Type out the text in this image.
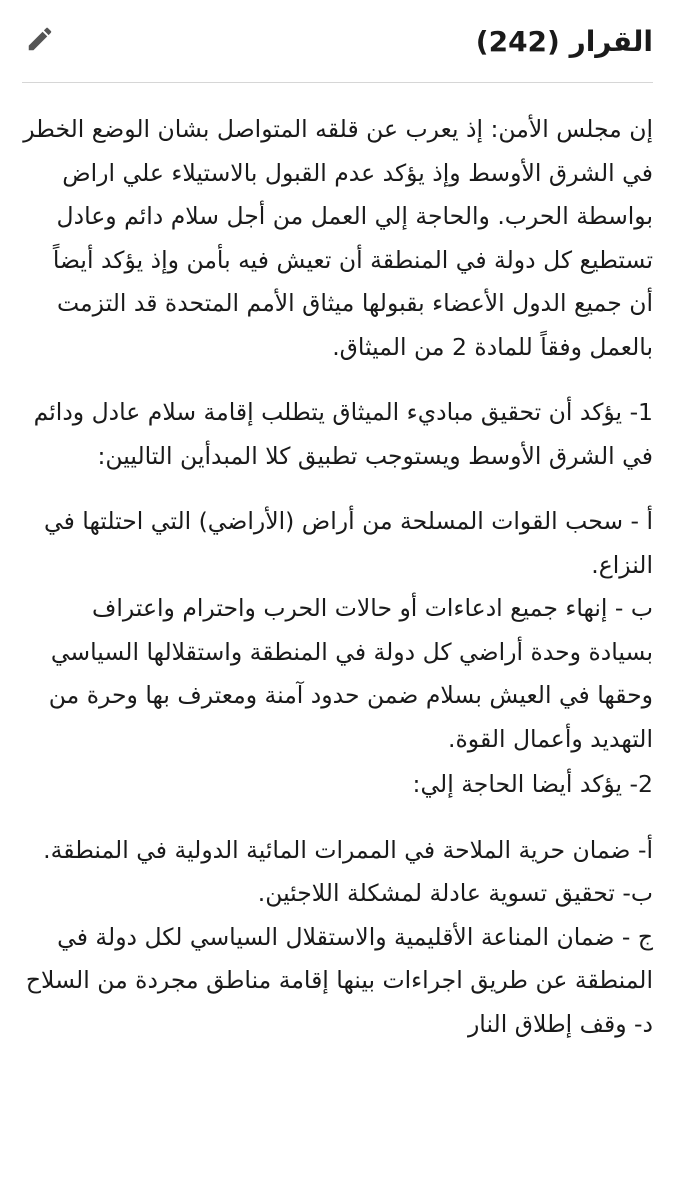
القرار (242)

إن مجلس الأمن: إذ يعرب عن قلقه المتواصل بشان الوضع الخطر في الشرق الأوسط وإذ يؤكد عدم القبول بالاستيلاء علي اراض بواسطة الحرب. والحاجة إلي العمل من أجل سلام دائم وعادل تستطيع كل دولة في المنطقة أن تعيش فيه بأمن وإذ يؤكد أيضاً أن جميع الدول الأعضاء بقبولها ميثاق الأمم المتحدة قد التزمت بالعمل وفقاً للمادة 2 من الميثاق.

1- يؤكد أن تحقيق مباديء الميثاق يتطلب إقامة سلام عادل ودائم في الشرق الأوسط ويستوجب تطبيق كلا المبدأين التاليين:

أ - سحب القوات المسلحة من أراض (الأراضي) التي احتلتها في النزاع.

ب - إنهاء جميع ادعاءات أو حالات الحرب واحترام واعتراف بسيادة وحدة أراضي كل دولة في المنطقة واستقلالها السياسي وحقها في العيش بسلام ضمن حدود آمنة ومعترف بها وحرة من التهديد وأعمال القوة.

2- يؤكد أيضا الحاجة إلي:

أ- ضمان حرية الملاحة في الممرات المائية الدولية في المنطقة.

ب- تحقيق تسوية عادلة لمشكلة اللاجئين.

ج - ضمان المناعة الأقليمية والاستقلال السياسي لكل دولة في المنطقة عن طريق اجراءات بينها إقامة مناطق مجردة من السلاح

د- وقف إطلاق النار
